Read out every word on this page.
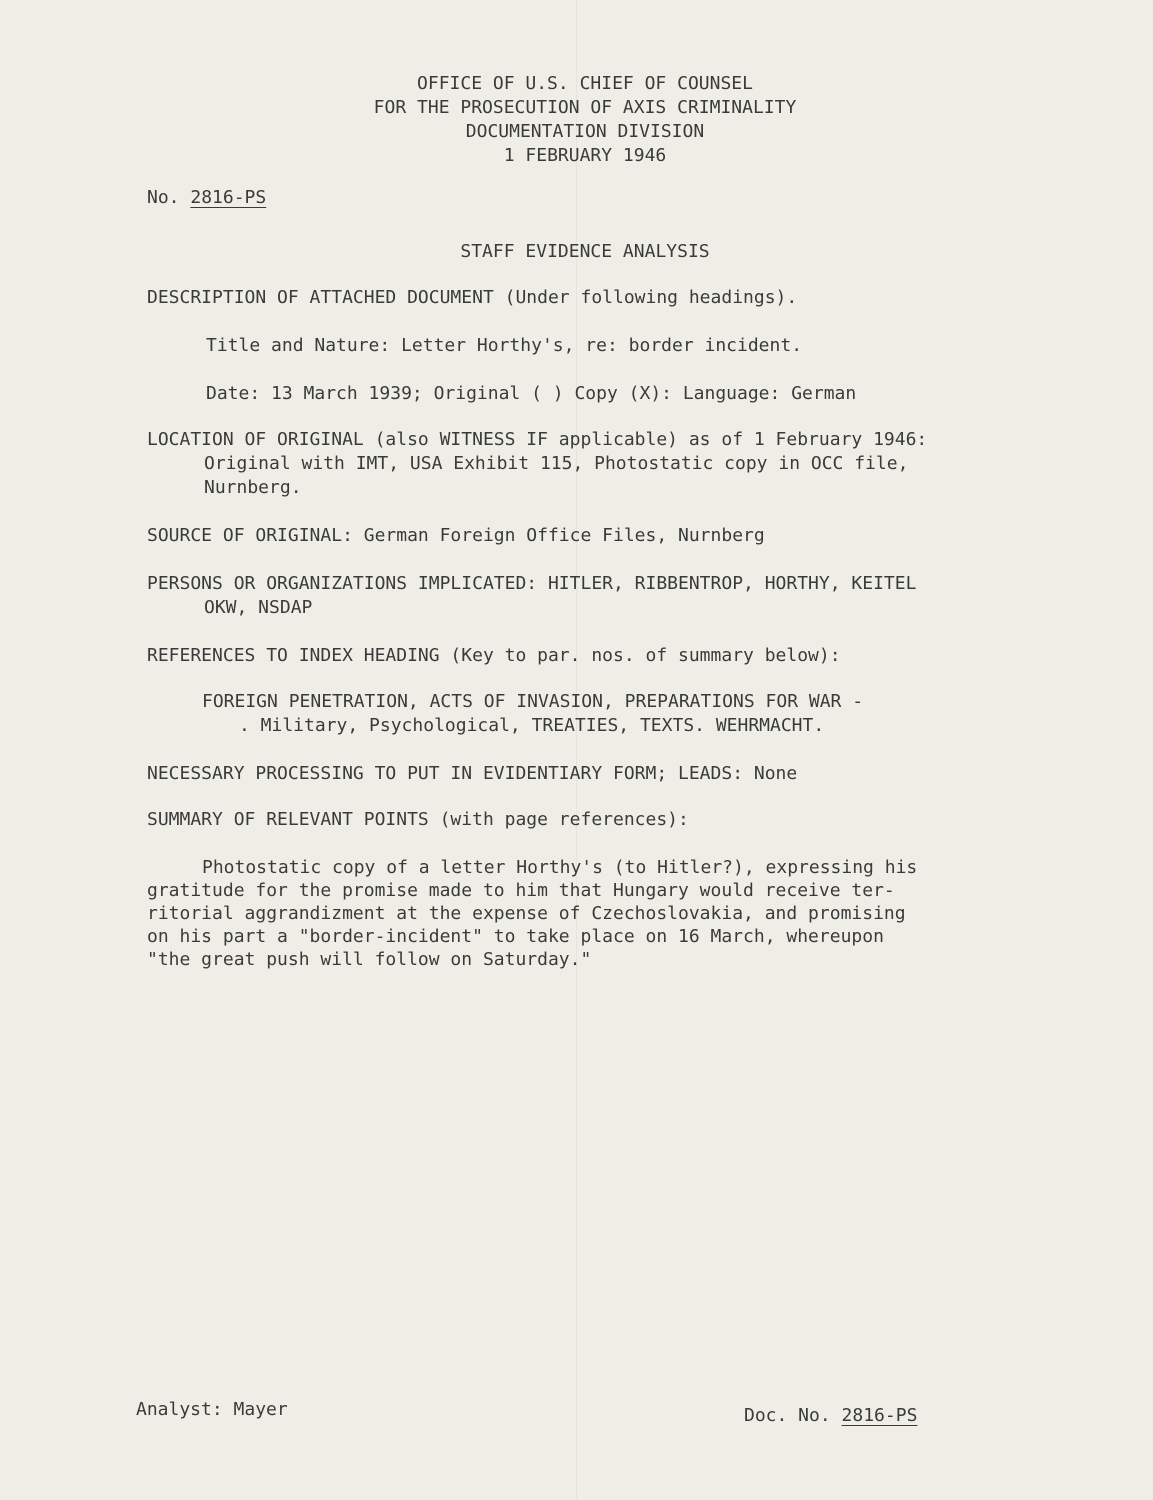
OFFICE OF U.S. CHIEF OF COUNSEL
FOR THE PROSECUTION OF AXIS CRIMINALITY
DOCUMENTATION DIVISION
1 FEBRUARY 1946
No. 2816-PS
STAFF EVIDENCE ANALYSIS
DESCRIPTION OF ATTACHED DOCUMENT (Under following headings).
Title and Nature: Letter Horthy's, re: border incident.
Date: 13 March 1939; Original ( ) Copy (X): Language: German
LOCATION OF ORIGINAL (also WITNESS IF applicable) as of 1 February 1946:
Original with IMT, USA Exhibit 115, Photostatic copy in OCC file,
Nurnberg.
SOURCE OF ORIGINAL: German Foreign Office Files, Nurnberg
PERSONS OR ORGANIZATIONS IMPLICATED: HITLER, RIBBENTROP, HORTHY, KEITEL
OKW, NSDAP
REFERENCES TO INDEX HEADING (Key to par. nos. of summary below):
FOREIGN PENETRATION, ACTS OF INVASION, PREPARATIONS FOR WAR -
. Military, Psychological, TREATIES, TEXTS. WEHRMACHT.
NECESSARY PROCESSING TO PUT IN EVIDENTIARY FORM; LEADS: None
SUMMARY OF RELEVANT POINTS (with page references):
Photostatic copy of a letter Horthy's (to Hitler?), expressing his
gratitude for the promise made to him that Hungary would receive ter-
ritorial aggrandizment at the expense of Czechoslovakia, and promising
on his part a "border-incident" to take place on 16 March, whereupon
"the great push will follow on Saturday."
Analyst: Mayer	Doc. No. 2816-PS
